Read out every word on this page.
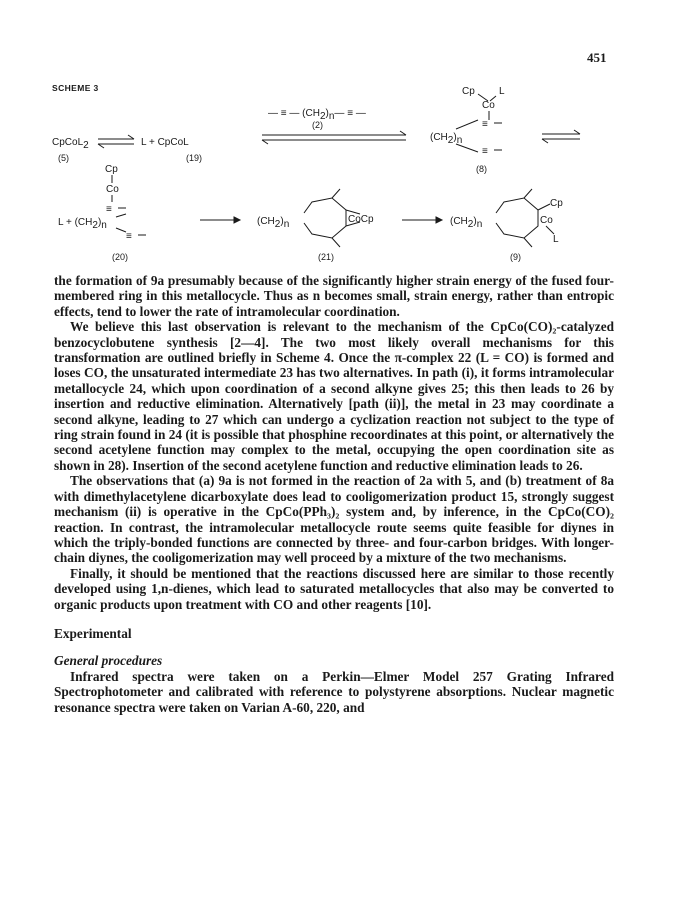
451
SCHEME 3
CpCoL2
(5)
L + CpCoL
(19)
— ≡ — (CH2)n— ≡ —
(2)
Cp L
Co
≡
(CH2)n
≡
(8)
Cp
Co
≡
L + (CH2)n
≡
(20)
(CH2)n	CoCp
(21)
(CH2)n
Cp
Co
L
(9)

the formation of 9a presumably because of the significantly higher strain energy of the fused four-membered ring in this metallocycle. Thus as n becomes small, strain energy, rather than entropic effects, tend to lower the rate of intramolecular coordination.

We believe this last observation is relevant to the mechanism of the CpCo(CO)₂-catalyzed benzocyclobutene synthesis [2—4]. The two most likely overall mechanisms for this transformation are outlined briefly in Scheme 4. Once the π-complex 22 (L = CO) is formed and loses CO, the unsaturated intermediate 23 has two alternatives. In path (i), it forms intramolecular metallocycle 24, which upon coordination of a second alkyne gives 25; this then leads to 26 by insertion and reductive elimination. Alternatively [path (ii)], the metal in 23 may coordinate a second alkyne, leading to 27 which can undergo a cyclization reaction not subject to the type of ring strain found in 24 (it is possible that phosphine recoordinates at this point, or alternatively the second acetylene function may complex to the metal, occupying the open coordination site as shown in 28). Insertion of the second acetylene function and reductive elimination leads to 26.

The observations that (a) 9a is not formed in the reaction of 2a with 5, and (b) treatment of 8a with dimethylacetylene dicarboxylate does lead to cooligomerization product 15, strongly suggest mechanism (ii) is operative in the CpCo(PPh₃)₂ system and, by inference, in the CpCo(CO)₂ reaction. In contrast, the intramolecular metallocycle route seems quite feasible for diynes in which the triply-bonded functions are connected by three- and four-carbon bridges. With longer-chain diynes, the cooligomerization may well proceed by a mixture of the two mechanisms.

Finally, it should be mentioned that the reactions discussed here are similar to those recently developed using 1,n-dienes, which lead to saturated metallocycles that also may be converted to organic products upon treatment with CO and other reagents [10].

Experimental

General procedures

Infrared spectra were taken on a Perkin—Elmer Model 257 Grating Infrared Spectrophotometer and calibrated with reference to polystyrene absorptions. Nuclear magnetic resonance spectra were taken on Varian A-60, 220, and
